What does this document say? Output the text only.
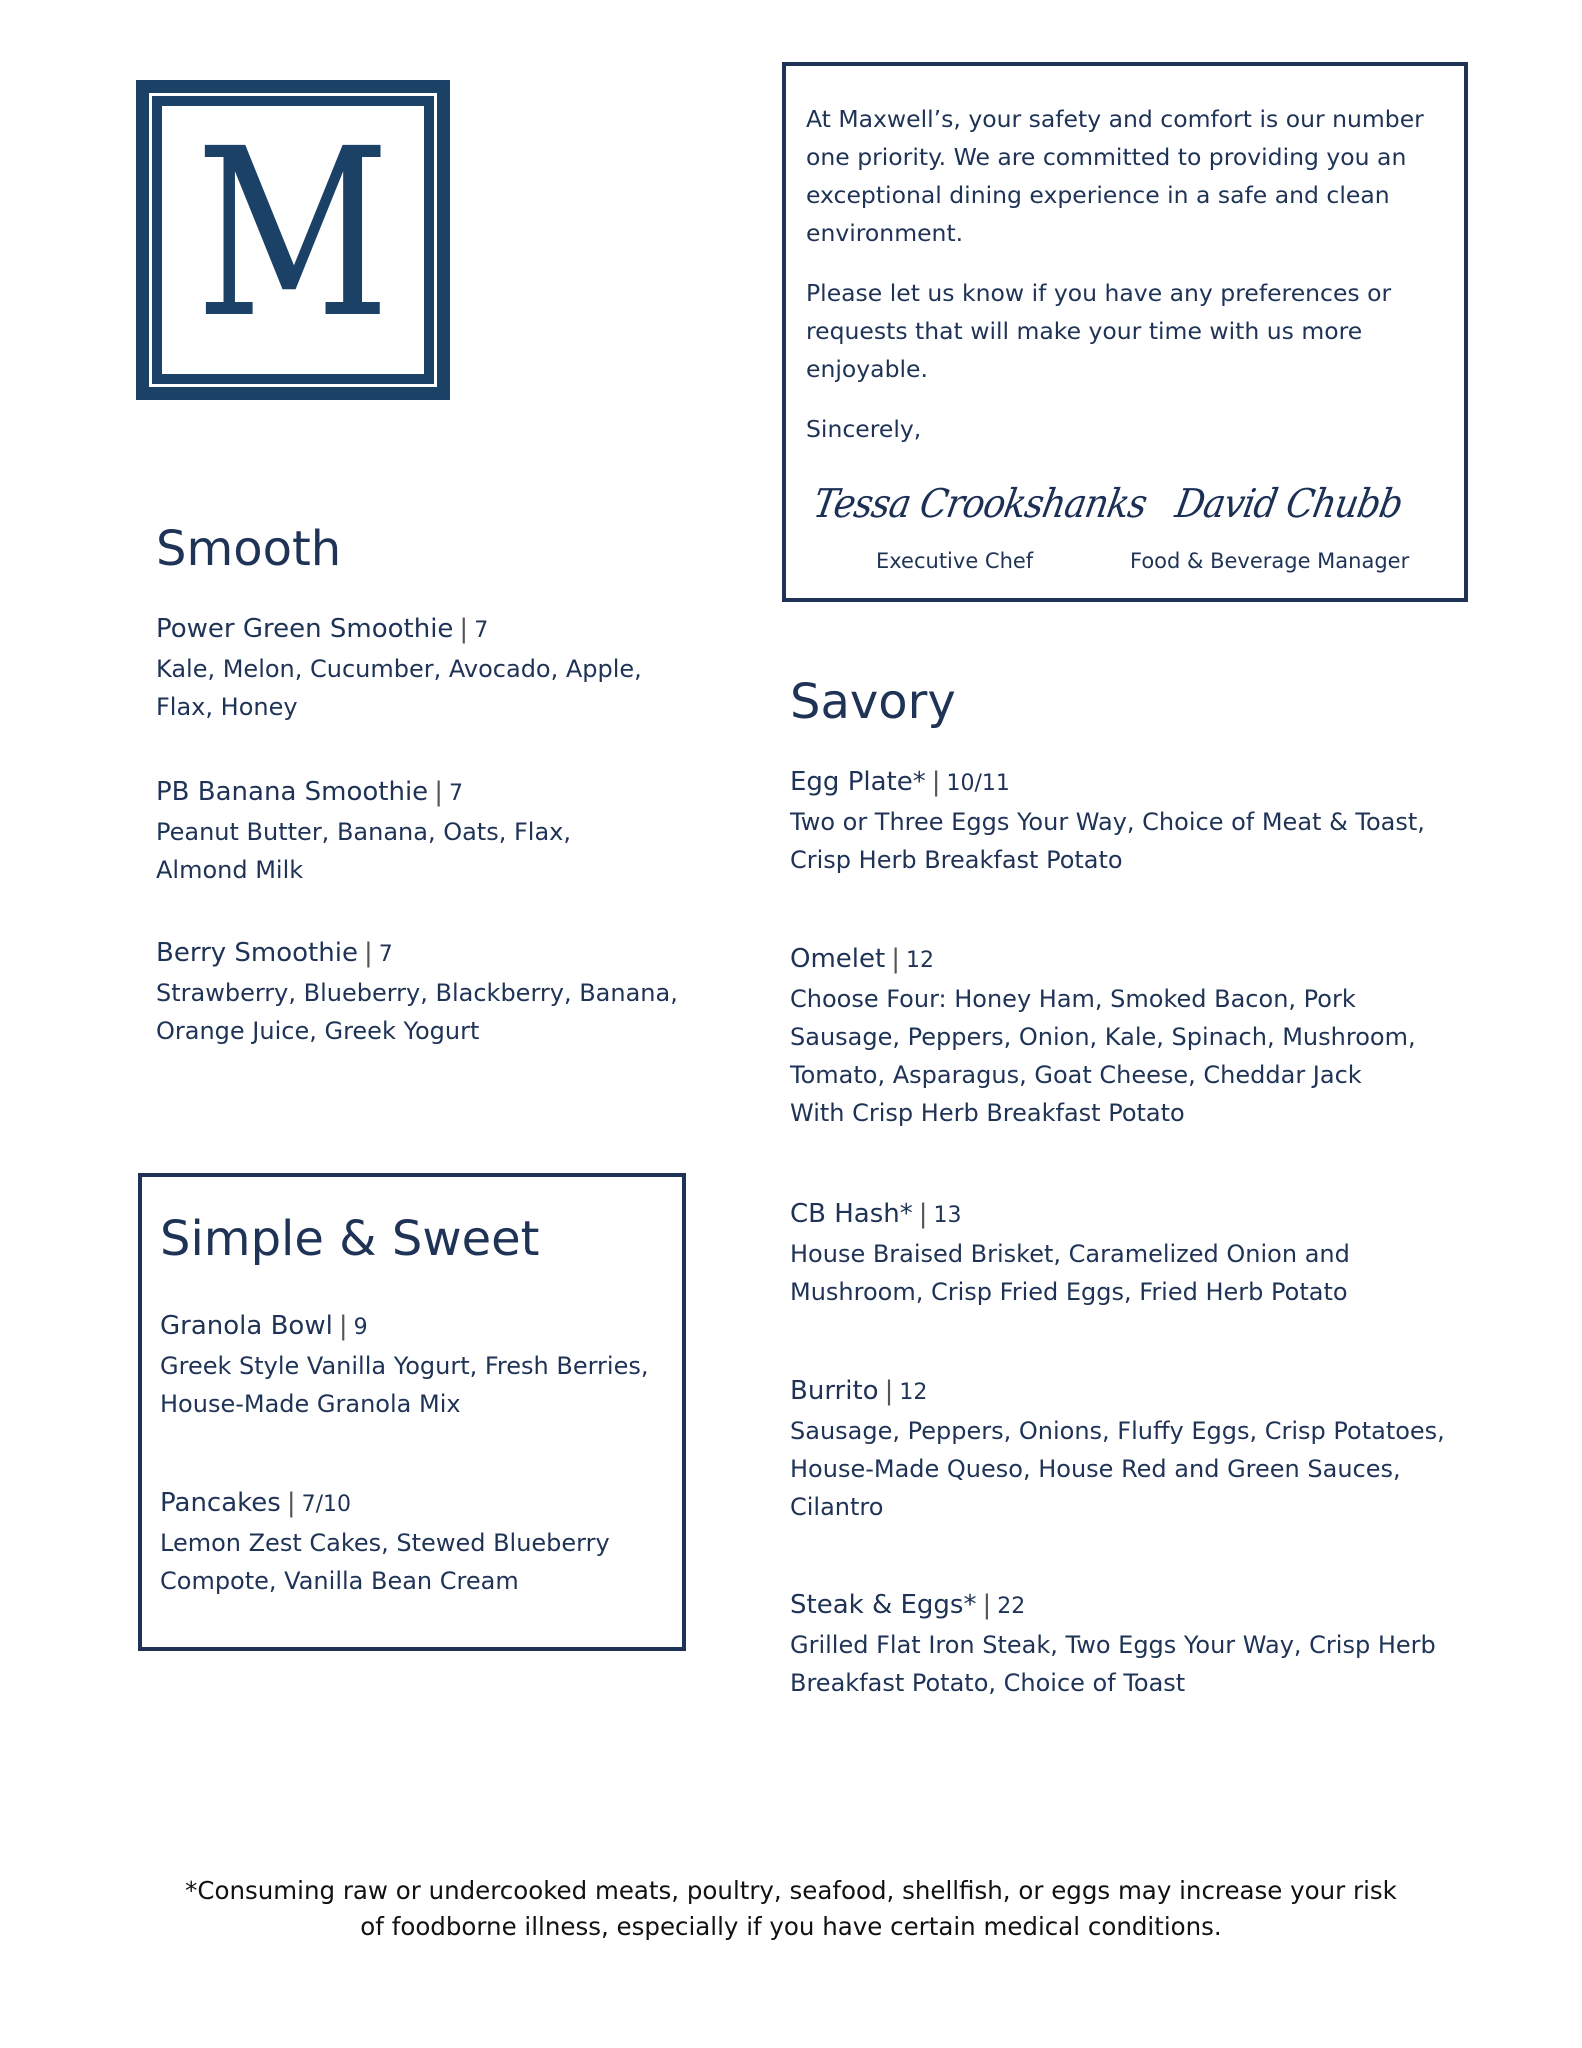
M	At Maxwell’s, your safety and comfort is our number one priority. We are committed to providing you an exceptional dining experience in a safe and clean environment.
Please let us know if you have any preferences or requests that will make your time with us more enjoyable.
Sincerely,
Tessa Crookshanks David Chubb
Executive Chef	Food & Beverage Manager
Smooth
Power Green Smoothie | 7
Kale, Melon, Cucumber, Avocado, Apple,
Flax, Honey
PB Banana Smoothie | 7
Peanut Butter, Banana, Oats, Flax,
Almond Milk
Berry Smoothie | 7
Strawberry, Blueberry, Blackberry, Banana,
Orange Juice, Greek Yogurt
Simple & Sweet
Granola Bowl | 9
Greek Style Vanilla Yogurt, Fresh Berries,
House-Made Granola Mix
Pancakes | 7/10
Lemon Zest Cakes, Stewed Blueberry
Compote, Vanilla Bean Cream
Savory
Egg Plate* | 10/11
Two or Three Eggs Your Way, Choice of Meat & Toast,
Crisp Herb Breakfast Potato
Omelet | 12
Choose Four: Honey Ham, Smoked Bacon, Pork
Sausage, Peppers, Onion, Kale, Spinach, Mushroom,
Tomato, Asparagus, Goat Cheese, Cheddar Jack
With Crisp Herb Breakfast Potato
CB Hash* | 13
House Braised Brisket, Caramelized Onion and
Mushroom, Crisp Fried Eggs, Fried Herb Potato
Burrito | 12
Sausage, Peppers, Onions, Fluffy Eggs, Crisp Potatoes,
House-Made Queso, House Red and Green Sauces,
Cilantro
Steak & Eggs* | 22
Grilled Flat Iron Steak, Two Eggs Your Way, Crisp Herb
Breakfast Potato, Choice of Toast
*Consuming raw or undercooked meats, poultry, seafood, shellfish, or eggs may increase your risk
of foodborne illness, especially if you have certain medical conditions.
